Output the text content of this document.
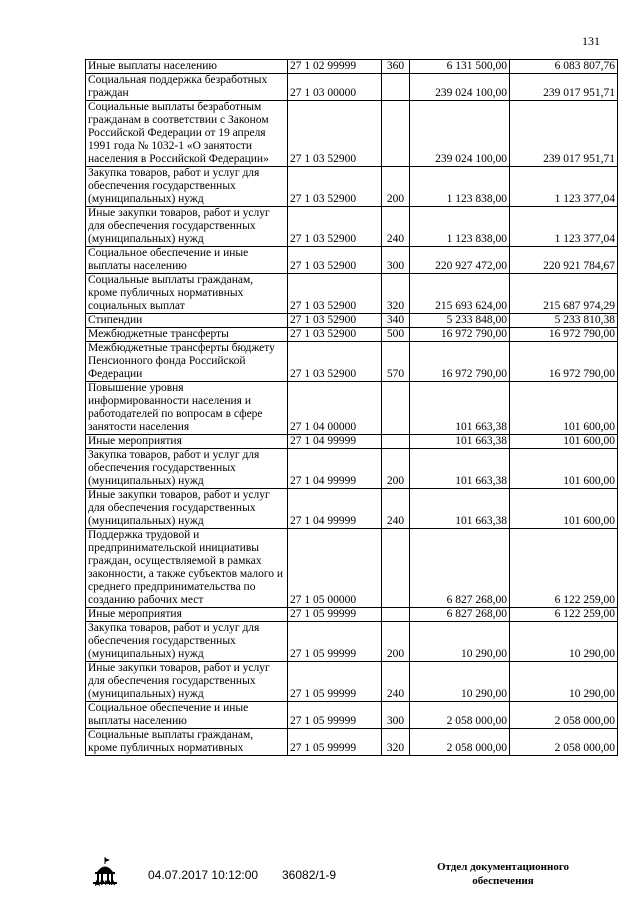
131
Иные выплаты населению	27 1 02 99999	360	6 131 500,00	6 083 807,76
Социальная поддержка безработных граждан	27 1 03 00000		239 024 100,00	239 017 951,71
Социальные выплаты безработным гражданам в соответствии с Законом Российской Федерации от 19 апреля 1991 года № 1032-1 «О занятости населения в Российской Федерации»	27 1 03 52900		239 024 100,00	239 017 951,71
Закупка товаров, работ и услуг для обеспечения государственных (муниципальных) нужд	27 1 03 52900	200	1 123 838,00	1 123 377,04
Иные закупки товаров, работ и услуг для обеспечения государственных (муниципальных) нужд	27 1 03 52900	240	1 123 838,00	1 123 377,04
Социальное обеспечение и иные выплаты населению	27 1 03 52900	300	220 927 472,00	220 921 784,67
Социальные выплаты гражданам, кроме публичных нормативных социальных выплат	27 1 03 52900	320	215 693 624,00	215 687 974,29
Стипендии	27 1 03 52900	340	5 233 848,00	5 233 810,38
Межбюджетные трансферты	27 1 03 52900	500	16 972 790,00	16 972 790,00
Межбюджетные трансферты бюджету Пенсионного фонда Российской Федерации	27 1 03 52900	570	16 972 790,00	16 972 790,00
Повышение уровня информированности населения и работодателей по вопросам в сфере занятости населения	27 1 04 00000		101 663,38	101 600,00
Иные мероприятия	27 1 04 99999		101 663,38	101 600,00
Закупка товаров, работ и услуг для обеспечения государственных (муниципальных) нужд	27 1 04 99999	200	101 663,38	101 600,00
Иные закупки товаров, работ и услуг для обеспечения государственных (муниципальных) нужд	27 1 04 99999	240	101 663,38	101 600,00
Поддержка трудовой и предпринимательской инициативы граждан, осуществляемой в рамках законности, а также субъектов малого и среднего предпринимательства по созданию рабочих мест	27 1 05 00000		6 827 268,00	6 122 259,00
Иные мероприятия	27 1 05 99999		6 827 268,00	6 122 259,00
Закупка товаров, работ и услуг для обеспечения государственных (муниципальных) нужд	27 1 05 99999	200	10 290,00	10 290,00
Иные закупки товаров, работ и услуг для обеспечения государственных (муниципальных) нужд	27 1 05 99999	240	10 290,00	10 290,00
Социальное обеспечение и иные выплаты населению	27 1 05 99999	300	2 058 000,00	2 058 000,00
Социальные выплаты гражданам, кроме публичных нормативных	27 1 05 99999	320	2 058 000,00	2 058 000,00
ДУМА
04.07.2017 10:12:00 36082/1-9
Отдел документационного обеспечения
